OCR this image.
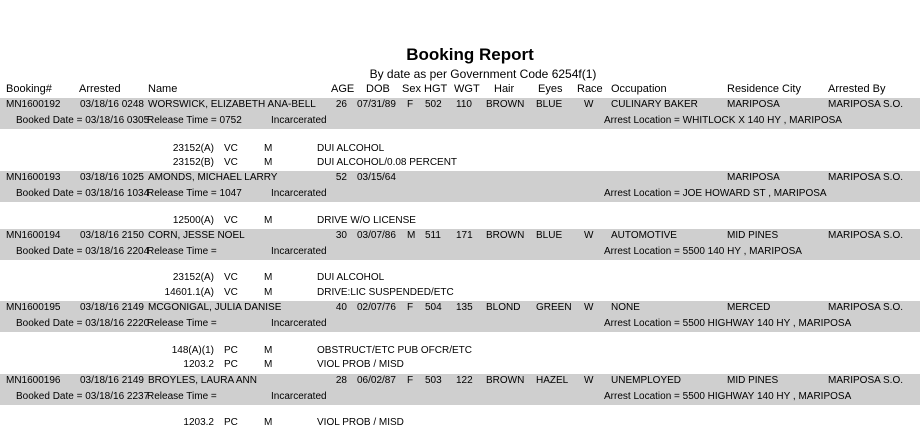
Booking Report
By date as per Government Code 6254f(1)
Booking# Arrested Name	AGE DOB Sex HGT WGT Hair Eyes Race Occupation	Residence City Arrested By
MN1600192 03/18/16 0248 WORSWICK, ELIZABETH ANA-BELL 26 07/31/89 F 502 110 BROWN BLUE W CULINARY BAKER	MARIPOSA	MARIPOSA S.O.
Booked Date = 03/18/16 0305
Release Time = 0752	Incarcerated	Arrest Location = WHITLOCK X 140 HY , MARIPOSA
23152(A) VC	M	DUI ALCOHOL
23152(B) VC	M	DUI ALCOHOL/0.08 PERCENT
MN1600193 03/18/16 1025 AMONDS, MICHAEL LARRY	52 03/15/64	MARIPOSA	MARIPOSA S.O.
Booked Date = 03/18/16 1034
Release Time = 1047	Incarcerated	Arrest Location = JOE HOWARD ST , MARIPOSA
12500(A) VC	M	DRIVE W/O LICENSE
MN1600194 03/18/16 2150 CORN, JESSE NOEL	30 03/07/86 M 511 171 BROWN BLUE W AUTOMOTIVE	MID PINES	MARIPOSA S.O.
Booked Date = 03/18/16 2204
Release Time =	Incarcerated	Arrest Location = 5500 140 HY , MARIPOSA
23152(A) VC	M	DUI ALCOHOL
14601.1(A) VC	M	DRIVE:LIC SUSPENDED/ETC
MN1600195 03/18/16 2149 MCGONIGAL, JULIA DANISE	40 02/07/76 F 504 135 BLOND GREEN W NONE	MERCED	MARIPOSA S.O.
Booked Date = 03/18/16 2220
Release Time =	Incarcerated	Arrest Location = 5500 HIGHWAY 140 HY , MARIPOSA
148(A)(1) PC	M	OBSTRUCT/ETC PUB OFCR/ETC
1203.2 PC	M	VIOL PROB / MISD
MN1600196 03/18/16 2149 BROYLES, LAURA ANN	28 06/02/87 F 503 122 BROWN HAZEL W UNEMPLOYED	MID PINES	MARIPOSA S.O.
Booked Date = 03/18/16 2237
Release Time =	Incarcerated	Arrest Location = 5500 HIGHWAY 140 HY , MARIPOSA
1203.2 PC	M	VIOL PROB / MISD
